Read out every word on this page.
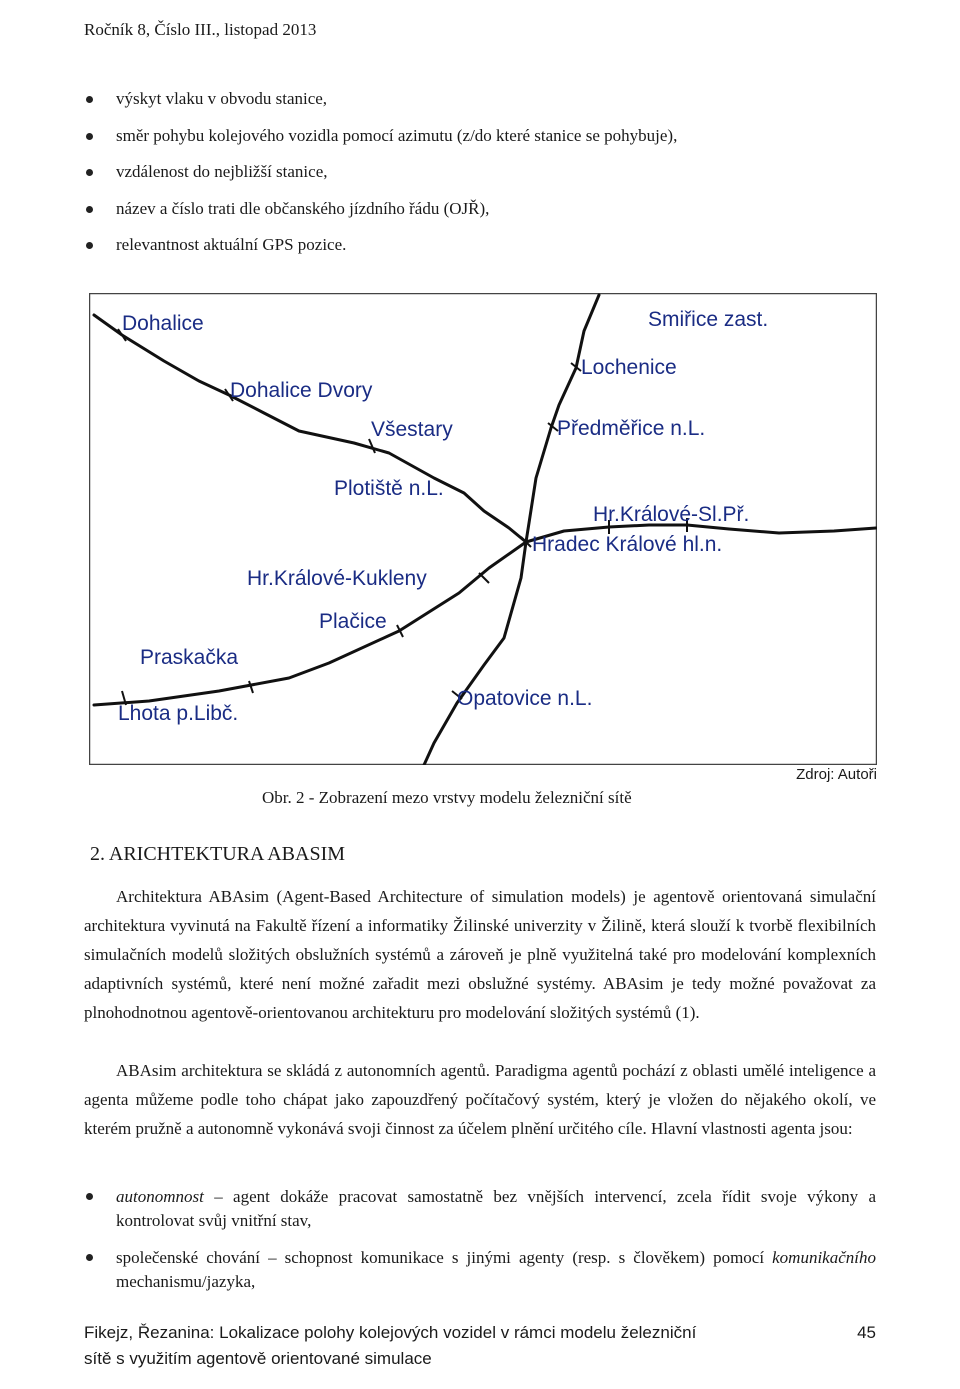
Ročník 8, Číslo III., listopad 2013
výskyt vlaku v obvodu stanice,
směr pohybu kolejového vozidla pomocí azimutu (z/do které stanice se pohybuje),
vzdálenost do nejbližší stanice,
název a číslo trati dle občanského jízdního řádu (OJŘ),
relevantnost aktuální GPS pozice.
Dohalice	Smiřice zast.
Lochenice
Dohalice Dvory
Všestary	Předměřice n.L.
Plotiště n.L.
Hr.Králové-Sl.Př.
Hradec Králové hl.n.
Hr.Králové-Kukleny
Plačice
Praskačka
Opatovice n.L.
Lhota p.Libč.
Zdroj: Autoři
Obr. 2 - Zobrazení mezo vrstvy modelu železniční sítě
2. ARICHTEKTURA ABASIM

Architektura ABAsim (Agent-Based Architecture of simulation models) je agentově orientovaná simulační architektura vyvinutá na Fakultě řízení a informatiky Žilinské univerzity v Žilině, která slouží k tvorbě flexibilních simulačních modelů složitých obslužních systémů a zároveň je plně využitelná také pro modelování komplexních adaptivních systémů, které není možné zařadit mezi obslužné systémy. ABAsim je tedy možné považovat za plnohodnotnou agentově-orientovanou architekturu pro modelování složitých systémů (1).

ABAsim architektura se skládá z autonomních agentů. Paradigma agentů pochází z oblasti umělé inteligence a agenta můžeme podle toho chápat jako zapouzdřený počítačový systém, který je vložen do nějakého okolí, ve kterém pružně a autonomně vykonává svoji činnost za účelem plnění určitého cíle. Hlavní vlastnosti agenta jsou:

autonomnost – agent dokáže pracovat samostatně bez vnějších intervencí, zcela řídit svoje výkony a kontrolovat svůj vnitřní stav,
společenské chování – schopnost komunikace s jinými agenty (resp. s člověkem) pomocí komunikačního mechanismu/jazyka,
Fikejz, Řezanina: Lokalizace polohy kolejových vozidel v rámci modelu železniční
sítě s využitím agentově orientované simulace
45
